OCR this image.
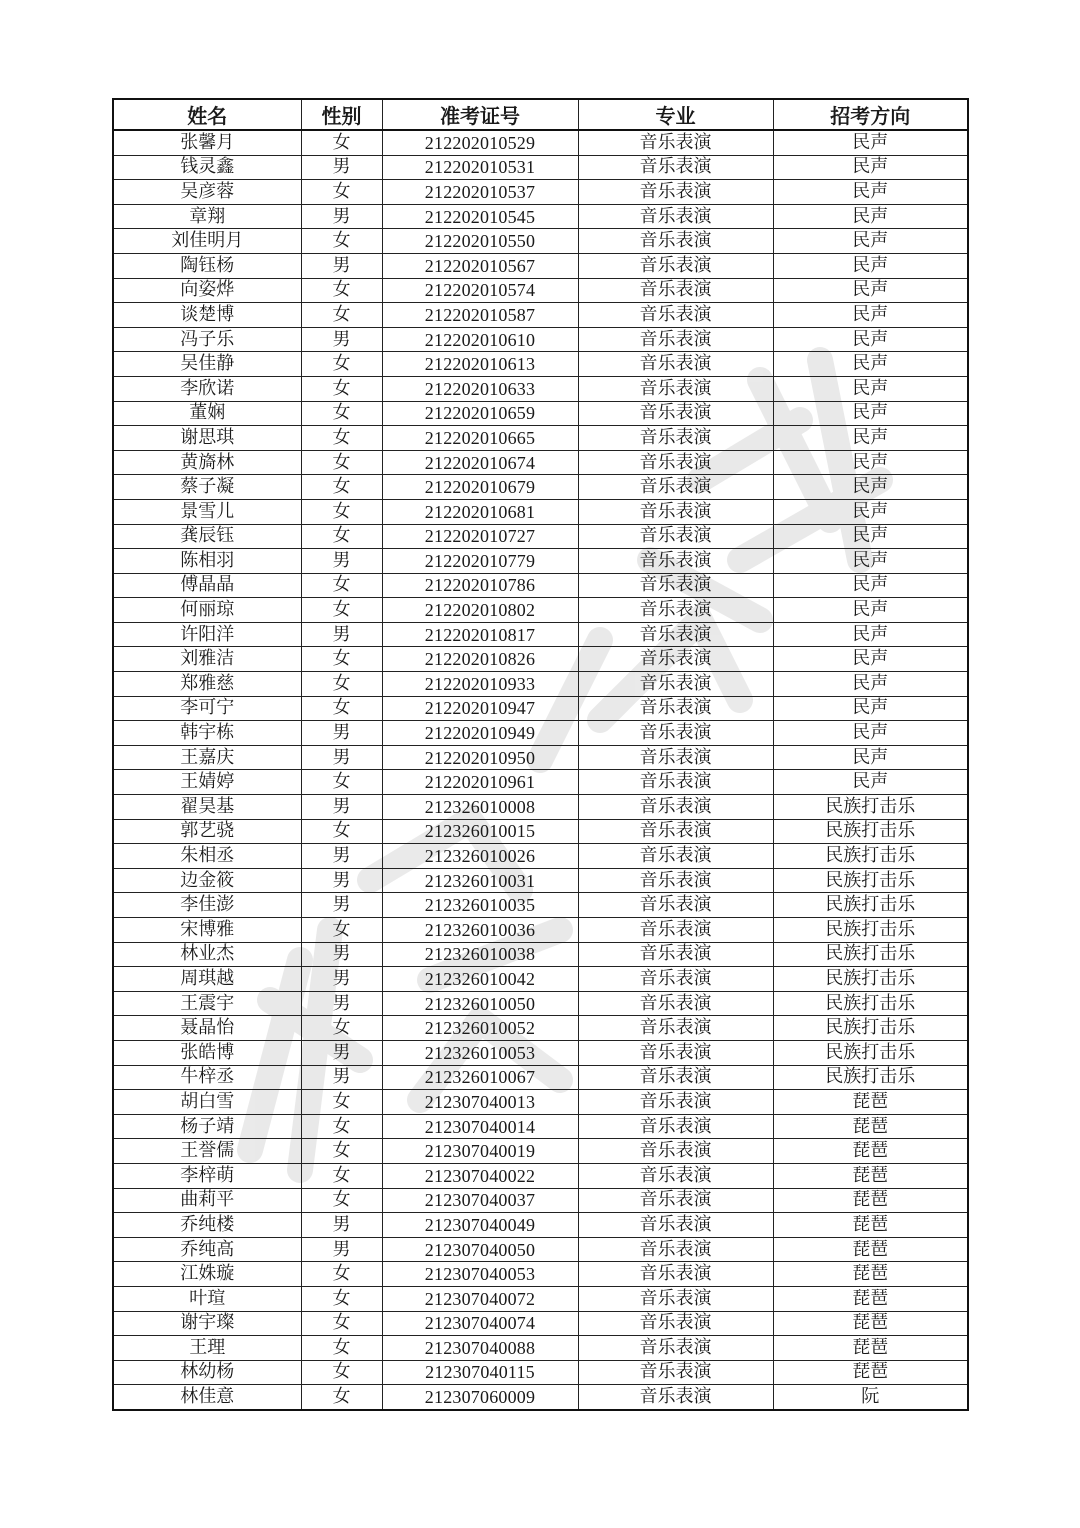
姓名	性别	准考证号	专业	招考方向
张馨月	女	212202010529	音乐表演	民声
钱灵鑫	男	212202010531	音乐表演	民声
吴彦蓉	女	212202010537	音乐表演	民声
章翔	男	212202010545	音乐表演	民声
刘佳明月	女	212202010550	音乐表演	民声
陶钰杨	男	212202010567	音乐表演	民声
向姿烨	女	212202010574	音乐表演	民声
谈楚博	女	212202010587	音乐表演	民声
冯子乐	男	212202010610	音乐表演	民声
吴佳静	女	212202010613	音乐表演	民声
李欣诺	女	212202010633	音乐表演	民声
董娴	女	212202010659	音乐表演	民声
谢思琪	女	212202010665	音乐表演	民声
黄旖林	女	212202010674	音乐表演	民声
蔡子凝	女	212202010679	音乐表演	民声
景雪儿	女	212202010681	音乐表演	民声
龚辰钰	女	212202010727	音乐表演	民声
陈相羽	男	212202010779	音乐表演	民声
傅晶晶	女	212202010786	音乐表演	民声
何丽琼	女	212202010802	音乐表演	民声
许阳洋	男	212202010817	音乐表演	民声
刘雅洁	女	212202010826	音乐表演	民声
郑雅慈	女	212202010933	音乐表演	民声
李可宁	女	212202010947	音乐表演	民声
韩宇栋	男	212202010949	音乐表演	民声
王嘉庆	男	212202010950	音乐表演	民声
王婧婷	女	212202010961	音乐表演	民声
翟昊基	男	212326010008	音乐表演	民族打击乐
郭艺骁	女	212326010015	音乐表演	民族打击乐
朱相丞	男	212326010026	音乐表演	民族打击乐
边金筱	男	212326010031	音乐表演	民族打击乐
李佳澎	男	212326010035	音乐表演	民族打击乐
宋博雅	女	212326010036	音乐表演	民族打击乐
林业杰	男	212326010038	音乐表演	民族打击乐
周琪越	男	212326010042	音乐表演	民族打击乐
王震宇	男	212326010050	音乐表演	民族打击乐
聂晶怡	女	212326010052	音乐表演	民族打击乐
张皓博	男	212326010053	音乐表演	民族打击乐
牛梓丞	男	212326010067	音乐表演	民族打击乐
胡白雪	女	212307040013	音乐表演	琵琶
杨子靖	女	212307040014	音乐表演	琵琶
王誉儒	女	212307040019	音乐表演	琵琶
李梓萌	女	212307040022	音乐表演	琵琶
曲莉平	女	212307040037	音乐表演	琵琶
乔纯楼	男	212307040049	音乐表演	琵琶
乔纯高	男	212307040050	音乐表演	琵琶
江姝璇	女	212307040053	音乐表演	琵琶
叶瑄	女	212307040072	音乐表演	琵琶
谢宇璨	女	212307040074	音乐表演	琵琶
王理	女	212307040088	音乐表演	琵琶
林幼杨	女	212307040115	音乐表演	琵琶
林佳意	女	212307060009	音乐表演	阮
